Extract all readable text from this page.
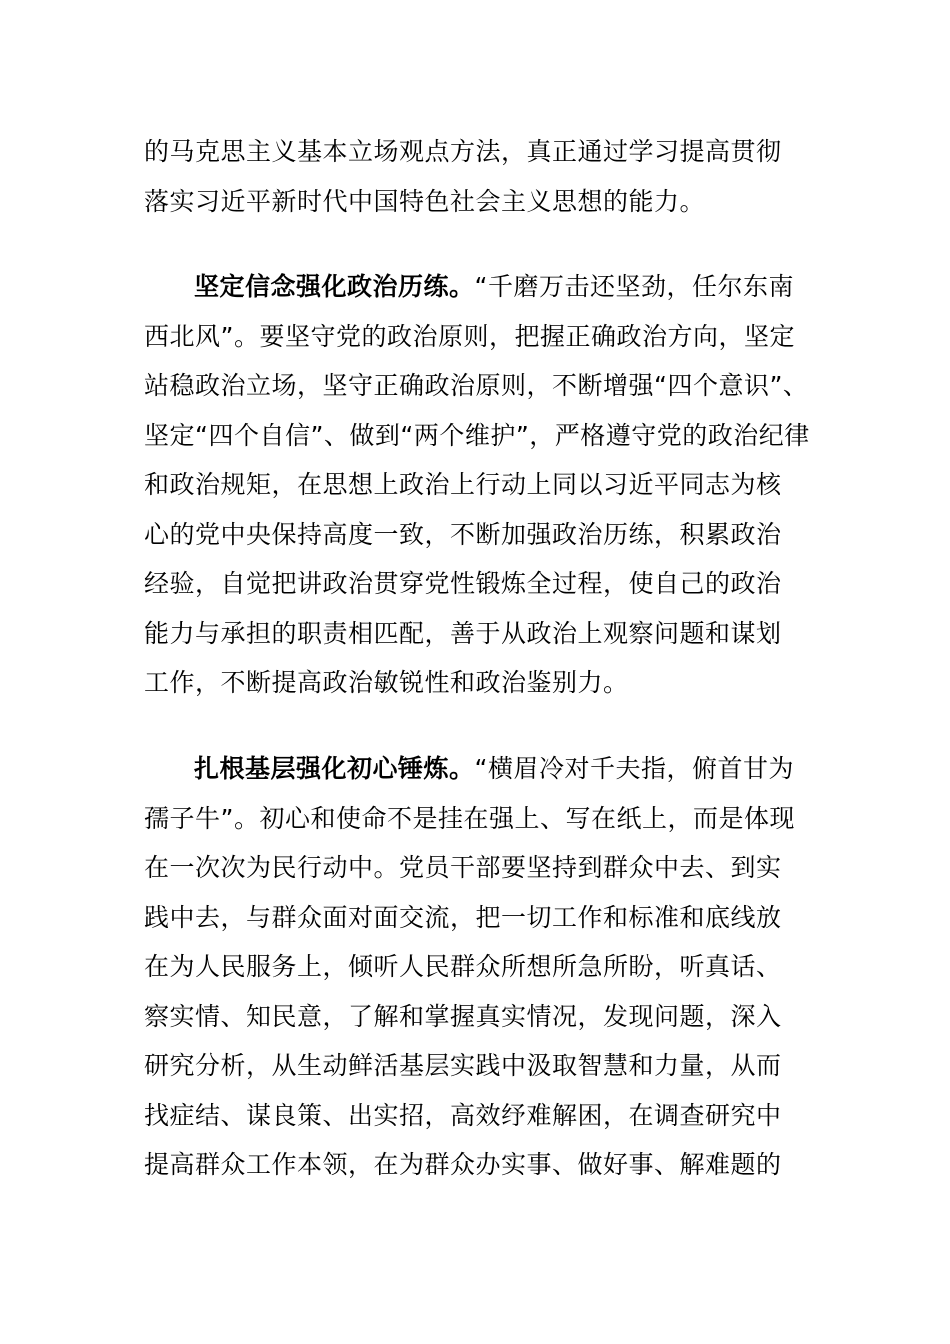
的马克思主义基本立场观点方法，真正通过学习提高贯彻
落实习近平新时代中国特色社会主义思想的能力。
坚定信念强化政治历练。“千磨万击还坚劲，任尔东南
西北风”。要坚守党的政治原则，把握正确政治方向，坚定
站稳政治立场，坚守正确政治原则，不断增强“四个意识”、
坚定“四个自信”、做到“两个维护”，严格遵守党的政治纪律
和政治规矩，在思想上政治上行动上同以习近平同志为核
心的党中央保持高度一致，不断加强政治历练，积累政治
经验，自觉把讲政治贯穿党性锻炼全过程，使自己的政治
能力与承担的职责相匹配，善于从政治上观察问题和谋划
工作，不断提高政治敏锐性和政治鉴别力。
扎根基层强化初心锤炼。“横眉冷对千夫指，俯首甘为
孺子牛”。初心和使命不是挂在强上、写在纸上，而是体现
在一次次为民行动中。党员干部要坚持到群众中去、到实
践中去，与群众面对面交流，把一切工作和标准和底线放
在为人民服务上，倾听人民群众所想所急所盼，听真话、
察实情、知民意，了解和掌握真实情况，发现问题，深入
研究分析，从生动鲜活基层实践中汲取智慧和力量，从而
找症结、谋良策、出实招，高效纾难解困，在调查研究中
提高群众工作本领，在为群众办实事、做好事、解难题的
